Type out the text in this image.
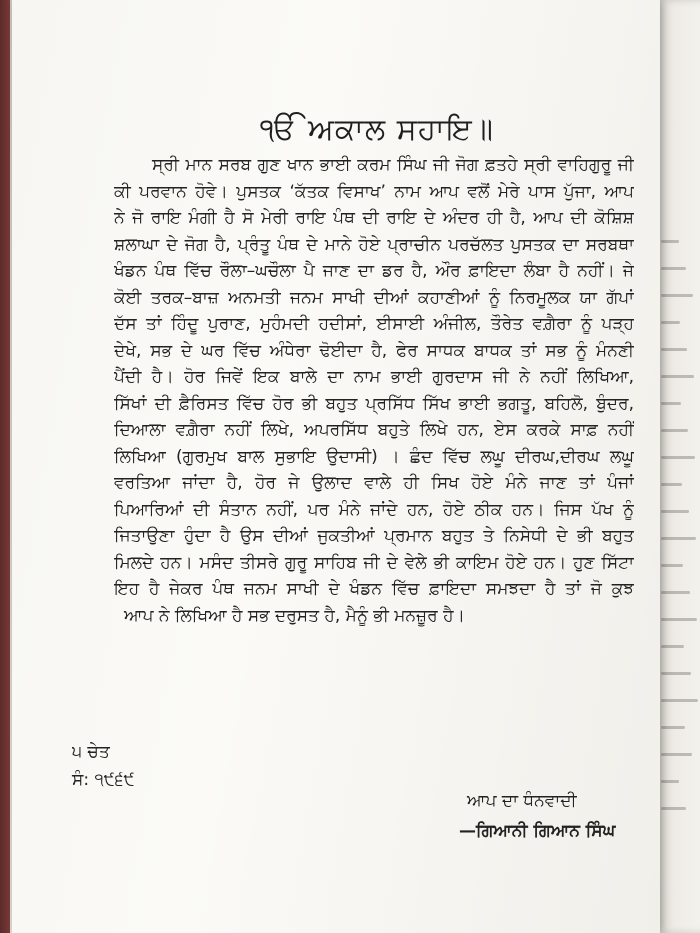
ੴ ਅਕਾਲ ਸਹਾਇ॥
ਸ੍ਰੀ ਮਾਨ ਸਰਬ ਗੁਣ ਖਾਨ ਭਾਈ ਕਰਮ ਸਿੰਘ ਜੀ ਜੋਗ ਫ਼ਤਹੇ ਸ੍ਰੀ ਵਾਹਿਗੁਰੂ ਜੀ
ਕੀ ਪਰਵਾਨ ਹੋਵੇ। ਪੁਸਤਕ ‘ਕੱਤਕ ਵਿਸਾਖ’ ਨਾਮ ਆਪ ਵਲੋਂ ਮੇਰੇ ਪਾਸ ਪੁੱਜਾ, ਆਪ
ਨੇ ਜੋ ਰਾਇ ਮੰਗੀ ਹੈ ਸੋ ਮੇਰੀ ਰਾਇ ਪੰਥ ਦੀ ਰਾਇ ਦੇ ਅੰਦਰ ਹੀ ਹੈ, ਆਪ ਦੀ ਕੋਸ਼ਿਸ਼
ਸ਼ਲਾਘਾ ਦੇ ਜੋਗ ਹੈ, ਪ੍ਰੰਤੂ ਪੰਥ ਦੇ ਮਾਨੇ ਹੋਏ ਪ੍ਰਾਚੀਨ ਪਰਚੱਲਤ ਪੁਸਤਕ ਦਾ ਸਰਬਥਾ
ਖੰਡਨ ਪੰਥ ਵਿੱਚ ਰੌਲਾ–ਘਚੌਲਾ ਪੈ ਜਾਣ ਦਾ ਡਰ ਹੈ, ਔਰ ਫ਼ਾਇਦਾ ਲੰਬਾ ਹੈ ਨਹੀਂ। ਜੇ
ਕੋਈ ਤਰਕ–ਬਾਜ਼ ਅਨਮਤੀ ਜਨਮ ਸਾਖੀ ਦੀਆਂ ਕਹਾਣੀਆਂ ਨੂੰ ਨਿਰਮੂਲਕ ਯਾ ਗੱਪਾਂ
ਦੱਸ ਤਾਂ ਹਿੰਦੂ ਪੁਰਾਣ, ਮੁਹੰਮਦੀ ਹਦੀਸਾਂ, ਈਸਾਈ ਅੰਜੀਲ, ਤੌਰੇਤ ਵਗ਼ੈਰਾ ਨੂੰ ਪੜ੍ਹ
ਦੇਖੇ, ਸਭ ਦੇ ਘਰ ਵਿੱਚ ਅੰਧੇਰਾ ਢੋਈਦਾ ਹੈ, ਫੇਰ ਸਾਧਕ ਬਾਧਕ ਤਾਂ ਸਭ ਨੂੰ ਮੰਨਣੀ
ਪੈਂਦੀ ਹੈ। ਹੋਰ ਜਿਵੇਂ ਇਕ ਬਾਲੇ ਦਾ ਨਾਮ ਭਾਈ ਗੁਰਦਾਸ ਜੀ ਨੇ ਨਹੀਂ ਲਿਖਿਆ,
ਸਿੱਖਾਂ ਦੀ ਫ਼ੈਰਿਸਤ ਵਿੱਚ ਹੋਰ ਭੀ ਬਹੁਤ ਪ੍ਰਸਿੱਧ ਸਿੱਖ ਭਾਈ ਭਗਤੂ, ਬਹਿਲੋ, ਬੁੰਦਰ,
ਦਿਆਲਾ ਵਗ਼ੈਰਾ ਨਹੀਂ ਲਿਖੇ, ਅਪਰਸਿੱਧ ਬਹੁਤੇ ਲਿਖੇ ਹਨ, ਏਸ ਕਰਕੇ ਸਾਫ਼ ਨਹੀਂ
ਲਿਖਿਆ (ਗੁਰਮੁਖ ਬਾਲ ਸੁਭਾਇ ਉਦਾਸੀ) । ਛੰਦ ਵਿੱਚ ਲਘੂ ਦੀਰਘ,ਦੀਰਘ ਲਘੂ
ਵਰਤਿਆ ਜਾਂਦਾ ਹੈ, ਹੋਰ ਜੇ ਉਲਾਦ ਵਾਲੇ ਹੀ ਸਿਖ ਹੋਏ ਮੰਨੇ ਜਾਣ ਤਾਂ ਪੰਜਾਂ
ਪਿਆਰਿਆਂ ਦੀ ਸੰਤਾਨ ਨਹੀਂ, ਪਰ ਮੰਨੇ ਜਾਂਦੇ ਹਨ, ਹੋਏ ਠੀਕ ਹਨ। ਜਿਸ ਪੱਖ ਨੂੰ
ਜਿਤਾਉਣਾ ਹੁੰਦਾ ਹੈ ਉਸ ਦੀਆਂ ਜੁਕਤੀਆਂ ਪ੍ਰਮਾਨ ਬਹੁਤ ਤੇ ਨਿਸੇਧੀ ਦੇ ਭੀ ਬਹੁਤ
ਮਿਲਦੇ ਹਨ। ਮਸੰਦ ਤੀਸਰੇ ਗੁਰੂ ਸਾਹਿਬ ਜੀ ਦੇ ਵੇਲੇ ਭੀ ਕਾਇਮ ਹੋਏ ਹਨ। ਹੁਣ ਸਿੱਟਾ
ਇਹ ਹੈ ਜੇਕਰ ਪੰਥ ਜਨਮ ਸਾਖੀ ਦੇ ਖੰਡਨ ਵਿੱਚ ਫ਼ਾਇਦਾ ਸਮਝਦਾ ਹੈ ਤਾਂ ਜੋ ਕੁਝ
ਆਪ ਨੇ ਲਿਖਿਆ ਹੈ ਸਭ ਦਰੁਸਤ ਹੈ, ਮੈਨੂੰ ਭੀ ਮਨਜ਼ੂਰ ਹੈ।
੫ ਚੇਤ
ਸੰ: ੧੯੬੯
ਆਪ ਦਾ ਧੰਨਵਾਦੀ
—ਗਿਆਨੀ ਗਿਆਨ ਸਿੰਘ
